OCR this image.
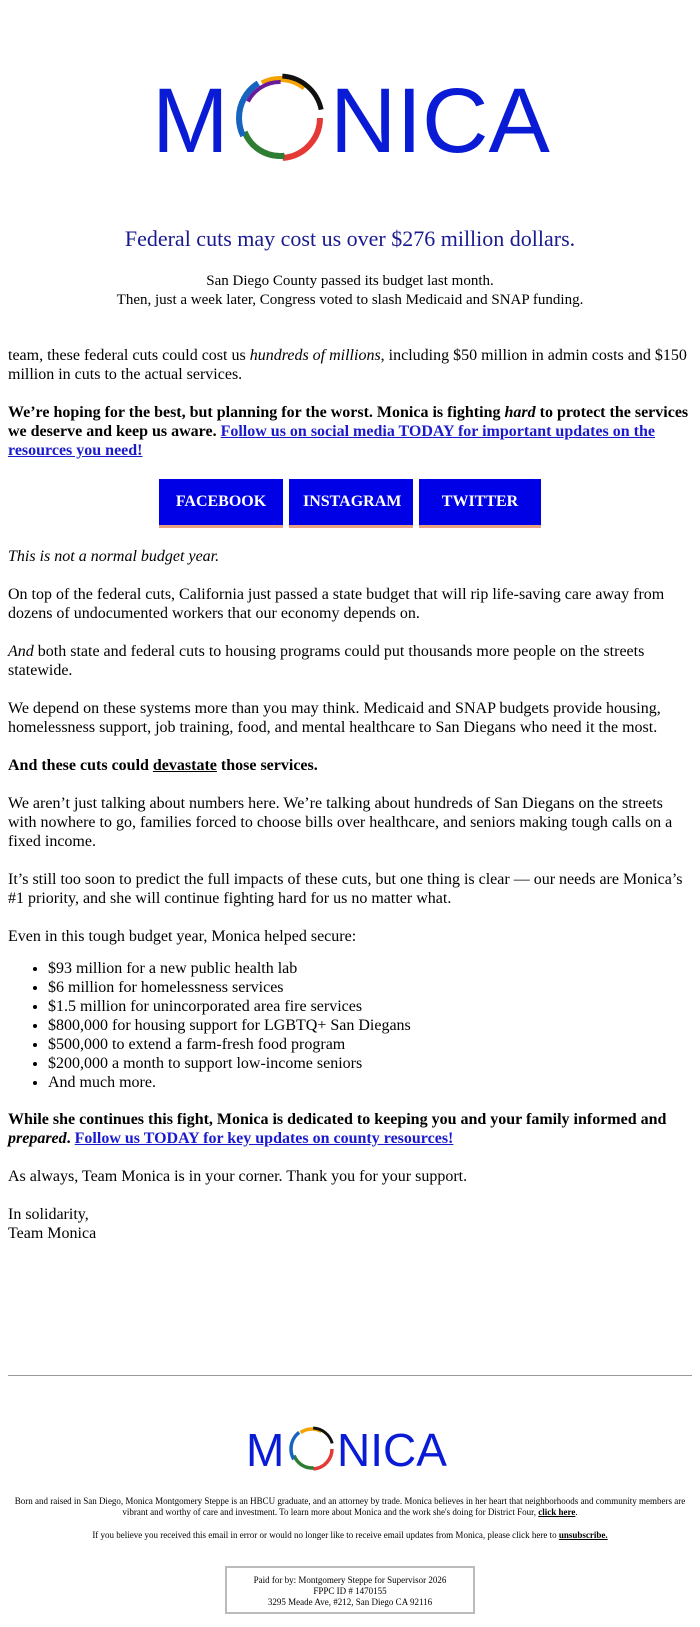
M NICA
Federal cuts may cost us over $276 million dollars.
San Diego County passed its budget last month.
Then, just a week later, Congress voted to slash Medicaid and SNAP funding.

team, these federal cuts could cost us hundreds of millions, including $50 million in admin costs and $150 million in cuts to the actual services.

We’re hoping for the best, but planning for the worst. Monica is fighting hard to protect the services we deserve and keep us aware. Follow us on social media TODAY for important updates on the resources you need!

FACEBOOK INSTAGRAM	TWITTER

This is not a normal budget year.

On top of the federal cuts, California just passed a state budget that will rip life-saving care away from dozens of undocumented workers that our economy depends on.

And both state and federal cuts to housing programs could put thousands more people on the streets statewide.

We depend on these systems more than you may think. Medicaid and SNAP budgets provide housing, homelessness support, job training, food, and mental healthcare to San Diegans who need it the most.

And these cuts could devastate those services.

We aren’t just talking about numbers here. We’re talking about hundreds of San Diegans on the streets with nowhere to go, families forced to choose bills over healthcare, and seniors making tough calls on a fixed income.

It’s still too soon to predict the full impacts of these cuts, but one thing is clear — our needs are Monica’s #1 priority, and she will continue fighting hard for us no matter what.

Even in this tough budget year, Monica helped secure:

• $93 million for a new public health lab
• $6 million for homelessness services
• $1.5 million for unincorporated area fire services
• $800,000 for housing support for LGBTQ+ San Diegans
• $500,000 to extend a farm-fresh food program
• $200,000 a month to support low-income seniors
• And much more.

While she continues this fight, Monica is dedicated to keeping you and your family informed and prepared. Follow us TODAY for key updates on county resources!

As always, Team Monica is in your corner. Thank you for your support.

In solidarity,
Team Monica

M NICA
Born and raised in San Diego, Monica Montgomery Steppe is an HBCU graduate, and an attorney by trade. Monica believes in her heart that neighborhoods and community members are vibrant and worthy of care and investment. To learn more about Monica and the work she's doing for District Four, click here.
If you believe you received this email in error or would no longer like to receive email updates from Monica, please click here to unsubscribe.
Paid for by: Montgomery Steppe for Supervisor 2026
FPPC ID # 1470155
3295 Meade Ave, #212, San Diego CA 92116
